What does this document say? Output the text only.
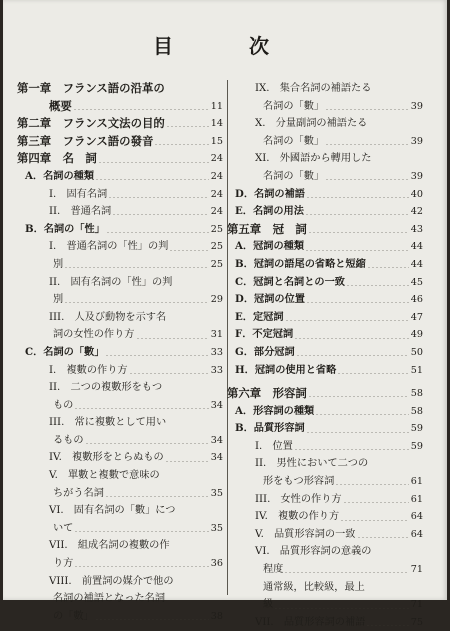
目　次
第一章　フランス語の沿革の
概要	11
第二章　フランス文法の目的	14
第三章　フランス語の發音	15
第四章　名　詞	24
A．名詞の種類	24
I.　固有名詞	24
II.　普通名詞	24
B．名詞の「性」	25
I.　普通名詞の「性」の判	25
別	25
II.　固有名詞の「性」の判
別	29
III.　人及び動物を示す名
詞の女性の作り方	31
C．名詞の「數」	33
I.　複數の作り方	33
II.　二つの複數形をもつ
もの	34
III.　常に複數として用い
るもの	34
IV.　複數形をとらぬもの	34
V.　單數と複數で意味の
ちがう名詞	35
VI.　固有名詞の「數」につ
いて	35
VII.　組成名詞の複數の作
り方	36
VIII.　前置詞の媒介で他の
名詞の補語となった名詞
の「數」	38
IX.　集合名詞の補語たる
名詞の「數」	39
X.　分量副詞の補語たる
名詞の「數」	39
XI.　外國語から轉用した
名詞の「數」	39
D．名詞の補語	40
E．名詞の用法	42
第五章　冠　詞	43
A．冠詞の種類	44
B．冠詞の語尾の省略と短縮	44
C．冠詞と名詞との一致	45
D．冠詞の位置	46
E．定冠詞	47
F．不定冠詞	49
G．部分冠詞	50
H．冠詞の使用と省略	51
第六章　形容詞	58
A．形容詞の種類	58
B．品質形容詞	59
I.　位置	59
II.　男性において二つの
形をもつ形容詞	61
III.　女性の作り方	61
IV.　複數の作り方	64
V.　品質形容詞の一致	64
VI.　品質形容詞の意義の
程度	71
通常級，比較級，最上
級	71
VII.　品質形容詞の補語	75
